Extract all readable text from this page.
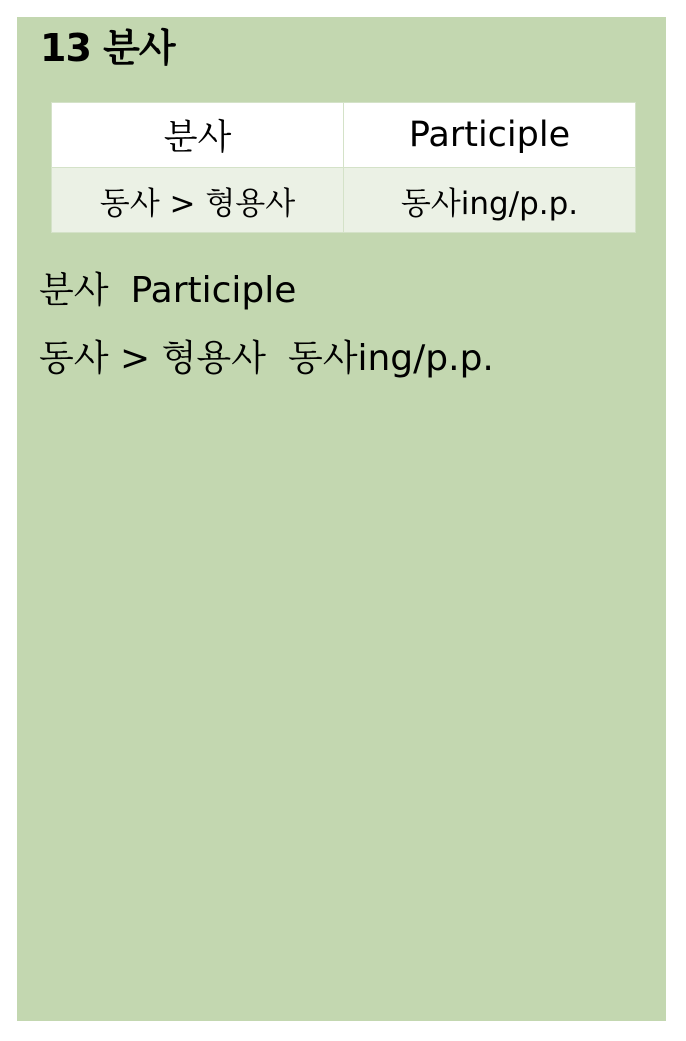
13 분사
분사	Participle
동사 > 형용사	동사ing/p.p.
분사 Participle
동사 > 형용사 동사ing/p.p.
